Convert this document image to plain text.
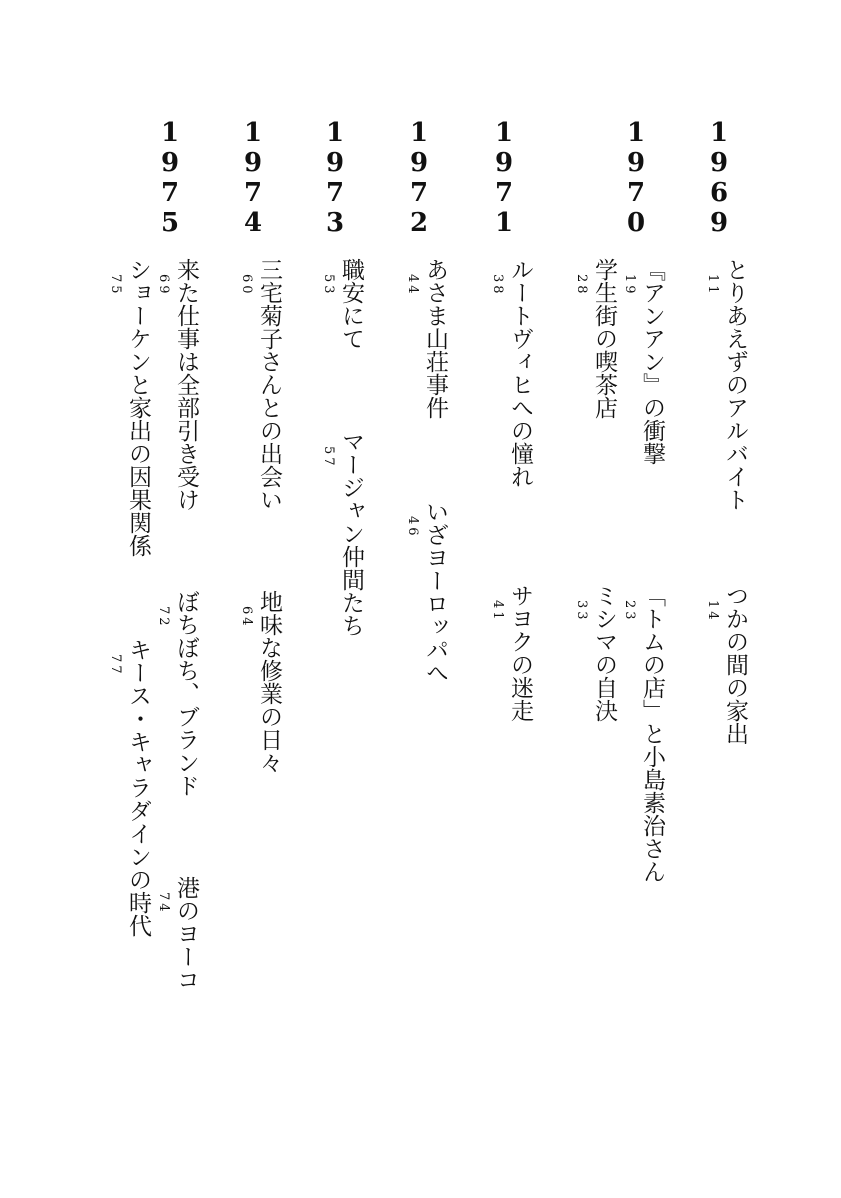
1
9
6
9
とりあえずのアルバイト
11
つかの間の家出
14
1
9
7
0
『アンアン』の衝撃
19
「トムの店」と小島素治さん
23
学生街の喫茶店
28
ミシマの自決
33
1
9
7
1
ルートヴィヒへの憧れ
38
サヨクの迷走
41
1
9
7
2
あさま山荘事件
44
いざヨーロッパへ
46
1
9
7
3
職安にて
53
マージャン仲間たち
57
1
9
7
4
三宅菊子さんとの出会い
60
地味な修業の日々
64
1
9
7
5
来た仕事は全部引き受け
69
ぼちぼち、ブランド
72
港のヨーコ
74
ショーケンと家出の因果関係
75
キース・キャラダインの時代
77
